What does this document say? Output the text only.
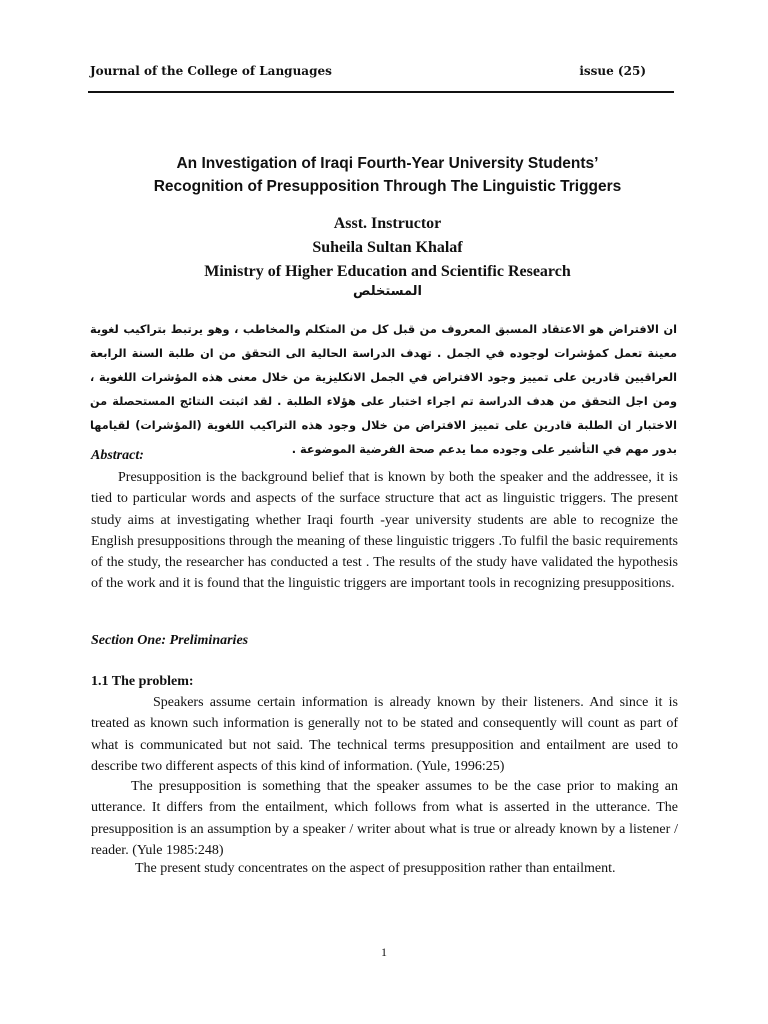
Journal of the College of Languages	issue (25)
An Investigation of Iraqi Fourth-Year University Students’
Recognition of Presupposition Through The Linguistic Triggers
Asst. Instructor
Suheila Sultan Khalaf
Ministry of Higher Education and Scientific Research
المستخلص
ان الافتراض هو الاعتقاد المسبق المعروف من قبل كل من المتكلم والمخاطب ، وهو يرتبط بتراكيب لغوية معينة تعمل كمؤشرات لوجوده في الجمل . تهدف الدراسة الحالية الى التحقق من ان طلبة السنة الرابعة العراقيين قادرين على تمييز وجود الافتراض في الجمل الانكليزية من خلال معنى هذه المؤشرات اللغوية ، ومن اجل التحقق من هدف الدراسة تم اجراء اختبار على هؤلاء الطلبة . لقد اثبتت النتائج المستحصلة من الاختبار ان الطلبة قادرين على تمييز الافتراض من خلال وجود هذه التراكيب اللغوية (المؤشرات) لقيامها بدور مهم في التأشير على وجوده مما يدعم صحة الفرضية الموضوعة .
Abstract:
Presupposition is the background belief that is known by both the speaker and the addressee, it is tied to particular words and aspects of the surface structure that act as linguistic triggers. The present study aims at investigating whether Iraqi fourth -year university students are able to recognize the English presuppositions through the meaning of these linguistic triggers .To fulfil the basic requirements of the study, the researcher has conducted a test . The results of the study have validated the hypothesis of the work and it is found that the linguistic triggers are important tools in recognizing presuppositions.
Section One: Preliminaries
1.1 The problem:
Speakers assume certain information is already known by their listeners. And since it is treated as known such information is generally not to be stated and consequently will count as part of what is communicated but not said. The technical terms presupposition and entailment are used to describe two different aspects of this kind of information. (Yule, 1996:25)
The presupposition is something that the speaker assumes to be the case prior to making an utterance. It differs from the entailment, which follows from what is asserted in the utterance. The presupposition is an assumption by a speaker / writer about what is true or already known by a listener / reader. (Yule 1985:248)
The present study concentrates on the aspect of presupposition rather than entailment.
1
